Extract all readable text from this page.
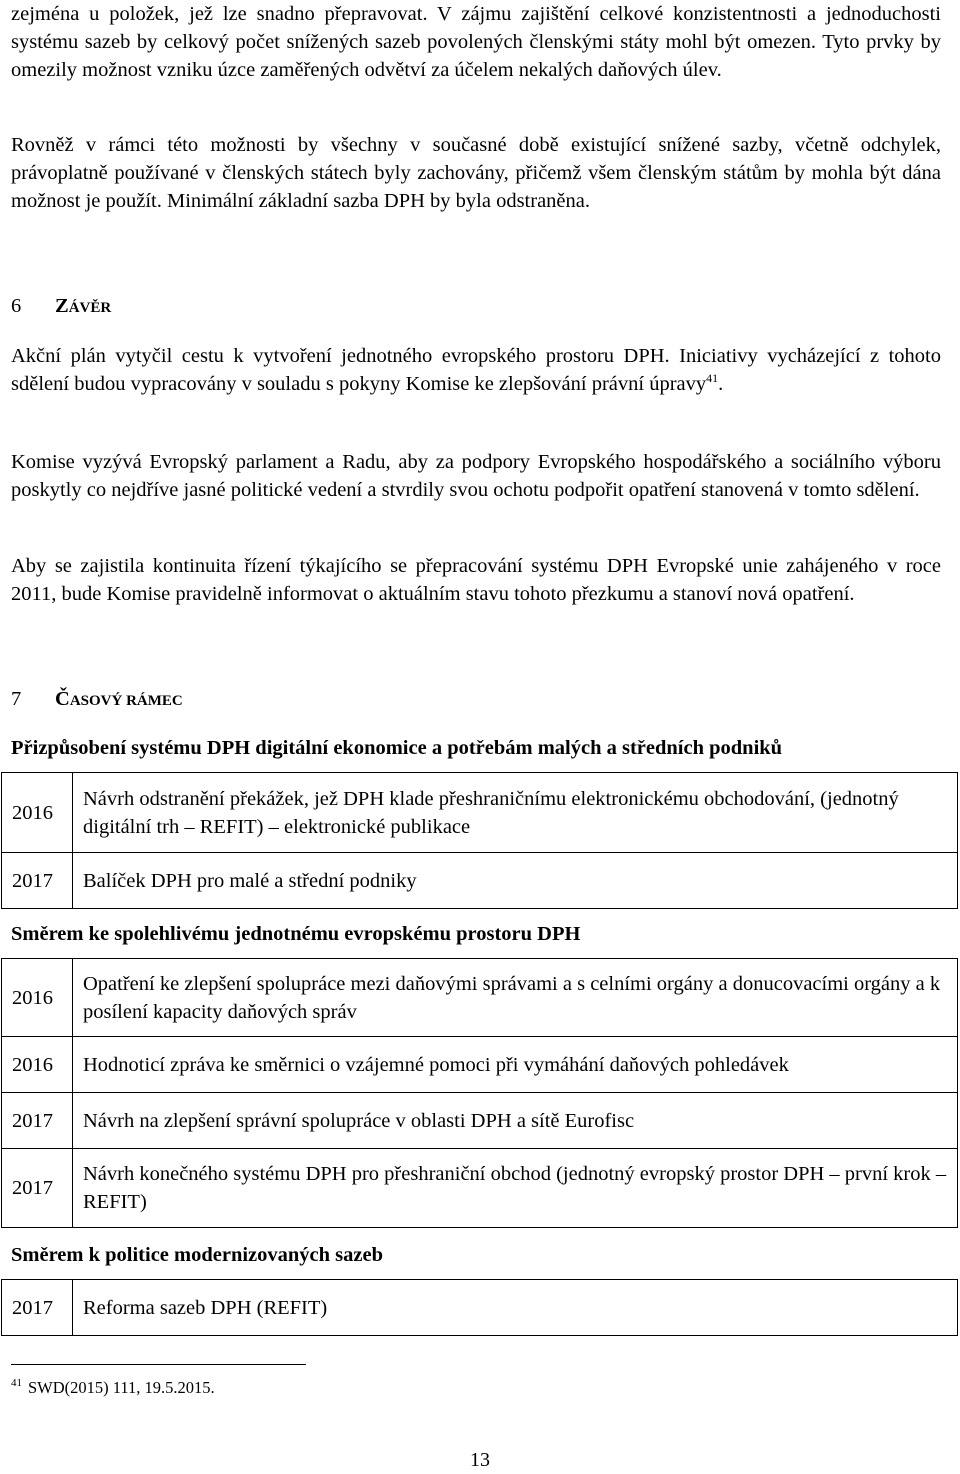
zejména u položek, jež lze snadno přepravovat. V zájmu zajištění celkové konzistentnosti a jednoduchosti systému sazeb by celkový počet snížených sazeb povolených členskými státy mohl být omezen. Tyto prvky by omezily možnost vzniku úzce zaměřených odvětví za účelem nekalých daňových úlev.

Rovněž v rámci této možnosti by všechny v současné době existující snížené sazby, včetně odchylek, právoplatně používané v členských státech byly zachovány, přičemž všem členským státům by mohla být dána možnost je použít. Minimální základní sazba DPH by byla odstraněna.

6 ZÁVĚR

Akční plán vytyčil cestu k vytvoření jednotného evropského prostoru DPH. Iniciativy vycházející z tohoto sdělení budou vypracovány v souladu s pokyny Komise ke zlepšování právní úpravy$^{41}$.

Komise vyzývá Evropský parlament a Radu, aby za podpory Evropského hospodářského a sociálního výboru poskytly co nejdříve jasné politické vedení a stvrdily svou ochotu podpořit opatření stanovená v tomto sdělení.

Aby se zajistila kontinuita řízení týkajícího se přepracování systému DPH Evropské unie zahájeného v roce 2011, bude Komise pravidelně informovat o aktuálním stavu tohoto přezkumu a stanoví nová opatření.

7 ČASOVÝ RÁMEC
Přizpůsobení systému DPH digitální ekonomice a potřebám malých a středních podniků
2016	Návrh odstranění překážek, jež DPH klade přeshraničnímu elektronickému obchodování, (jednotný digitální trh – REFIT) – elektronické publikace
2017	Balíček DPH pro malé a střední podniky
Směrem ke spolehlivému jednotnému evropskému prostoru DPH
2016	Opatření ke zlepšení spolupráce mezi daňovými správami a s celními orgány a donucovacími orgány a k posílení kapacity daňových správ
2016	Hodnoticí zpráva ke směrnici o vzájemné pomoci při vymáhání daňových pohledávek
2017	Návrh na zlepšení správní spolupráce v oblasti DPH a sítě Eurofisc
2017	Návrh konečného systému DPH pro přeshraniční obchod (jednotný evropský prostor DPH – první krok – REFIT)
Směrem k politice modernizovaných sazeb
2017	Reforma sazeb DPH (REFIT)
$^{41}$ SWD(2015) 111, 19.5.2015.
13
